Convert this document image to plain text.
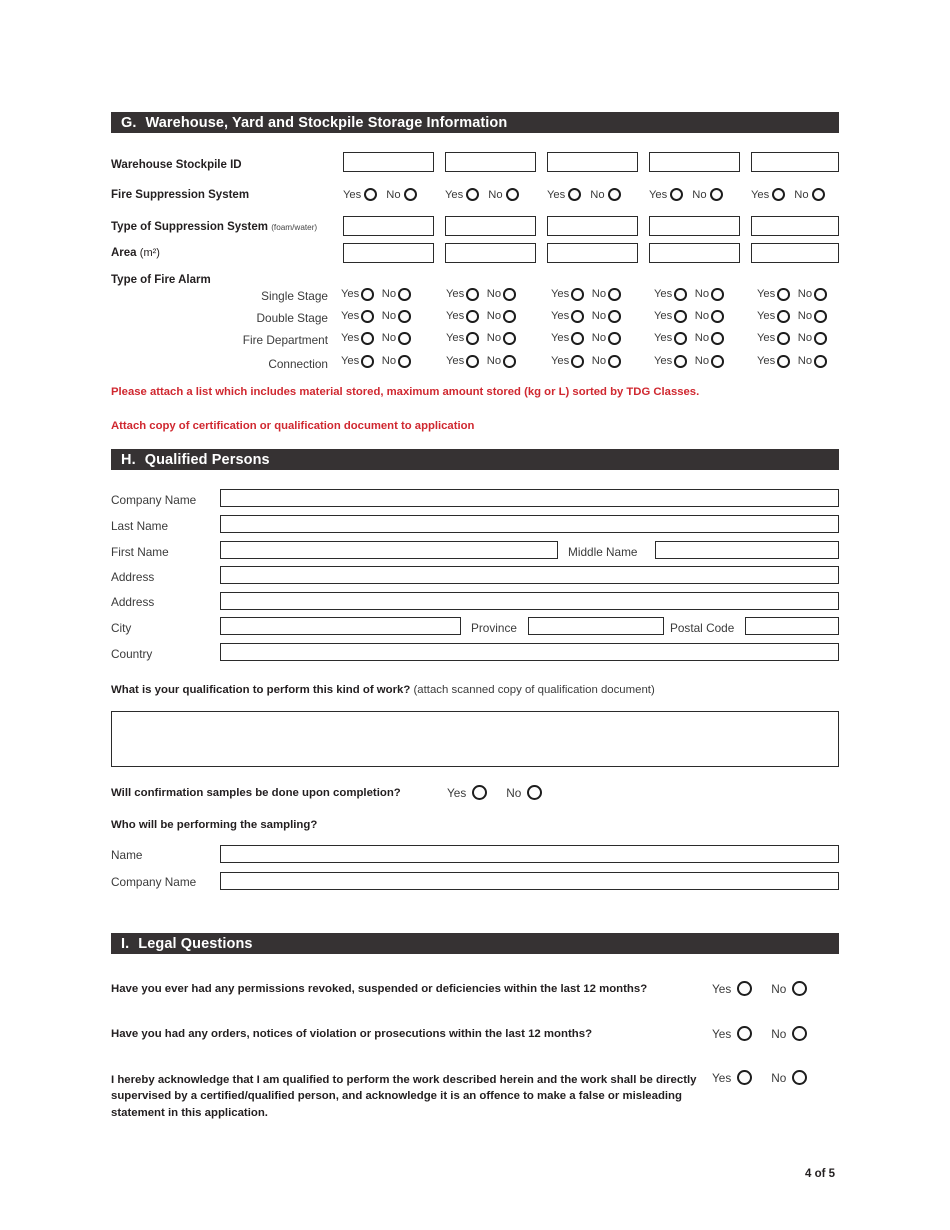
G. Warehouse, Yard and Stockpile Storage Information
Warehouse Stockpile ID
Fire Suppression System	Yes No	Yes No	Yes No	Yes No	Yes No
Type of Suppression System (foam/water)
Area (m²)
Type of Fire Alarm
Single Stage Yes No	Yes No	Yes No	Yes No	Yes No
Double Stage Yes No	Yes No	Yes No	Yes No	Yes No
Fire Department Yes No	Yes No	Yes No	Yes No	Yes No
Connection Yes No	Yes No	Yes No	Yes No	Yes No
Please attach a list which includes material stored, maximum amount stored (kg or L) sorted by TDG Classes.
Attach copy of certification or qualification document to application
H. Qualified Persons
Company Name
Last Name
First Name	Middle Name
Address
Address
City	Province	Postal Code
Country
What is your qualification to perform this kind of work? (attach scanned copy of qualification document)
Will confirmation samples be done upon completion?	Yes	No
Who will be performing the sampling?
Name
Company Name
I. Legal Questions
Have you ever had any permissions revoked, suspended or deficiencies within the last 12 months?	Yes	No
Have you had any orders, notices of violation or prosecutions within the last 12 months?	Yes	No
I hereby acknowledge that I am qualified to perform the work described herein and the work shall be directly supervised by a certified/qualified person, and acknowledge it is an offence to make a false or misleading statement in this application.
Yes	No
4 of 5
